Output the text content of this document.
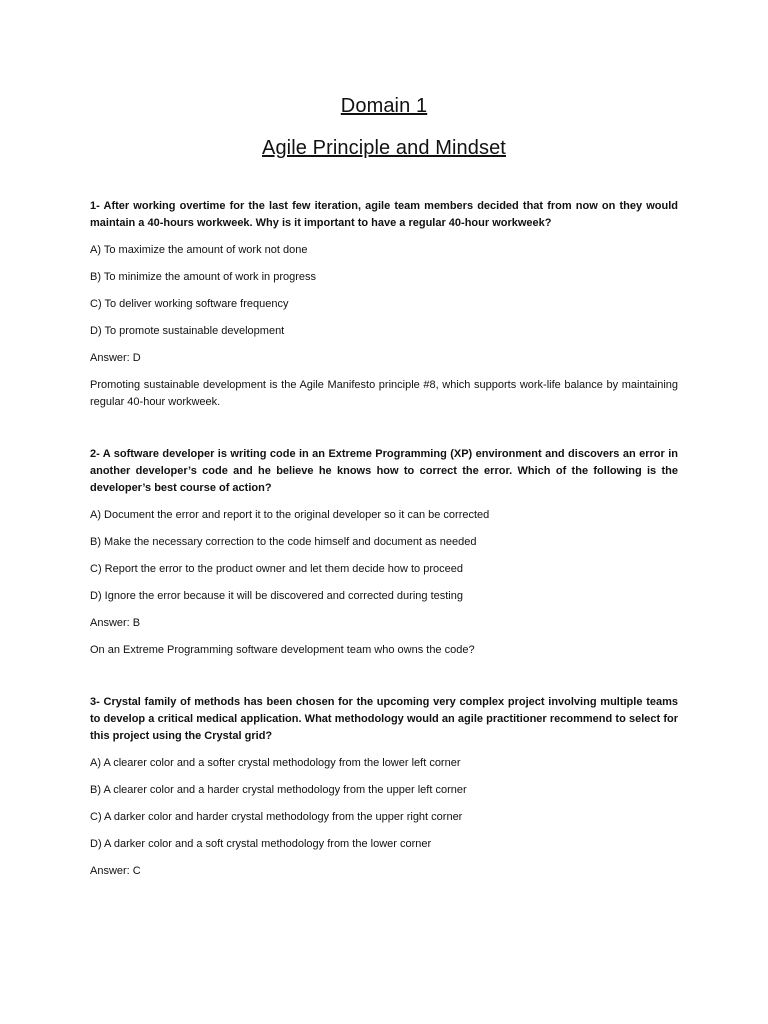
Domain 1
Agile Principle and Mindset

1- After working overtime for the last few iteration, agile team members decided that from now on they would maintain a 40-hours workweek. Why is it important to have a regular 40-hour workweek?

A) To maximize the amount of work not done

B) To minimize the amount of work in progress

C) To deliver working software frequency

D) To promote sustainable development

Answer: D

Promoting sustainable development is the Agile Manifesto principle #8, which supports work-life balance by maintaining regular 40-hour workweek.

2- A software developer is writing code in an Extreme Programming (XP) environment and discovers an error in another developer’s code and he believe he knows how to correct the error. Which of the following is the developer’s best course of action?

A) Document the error and report it to the original developer so it can be corrected

B) Make the necessary correction to the code himself and document as needed

C) Report the error to the product owner and let them decide how to proceed

D) Ignore the error because it will be discovered and corrected during testing

Answer: B

On an Extreme Programming software development team who owns the code?

3- Crystal family of methods has been chosen for the upcoming very complex project involving multiple teams to develop a critical medical application. What methodology would an agile practitioner recommend to select for this project using the Crystal grid?

A) A clearer color and a softer crystal methodology from the lower left corner

B) A clearer color and a harder crystal methodology from the upper left corner

C) A darker color and harder crystal methodology from the upper right corner

D) A darker color and a soft crystal methodology from the lower corner

Answer: C
